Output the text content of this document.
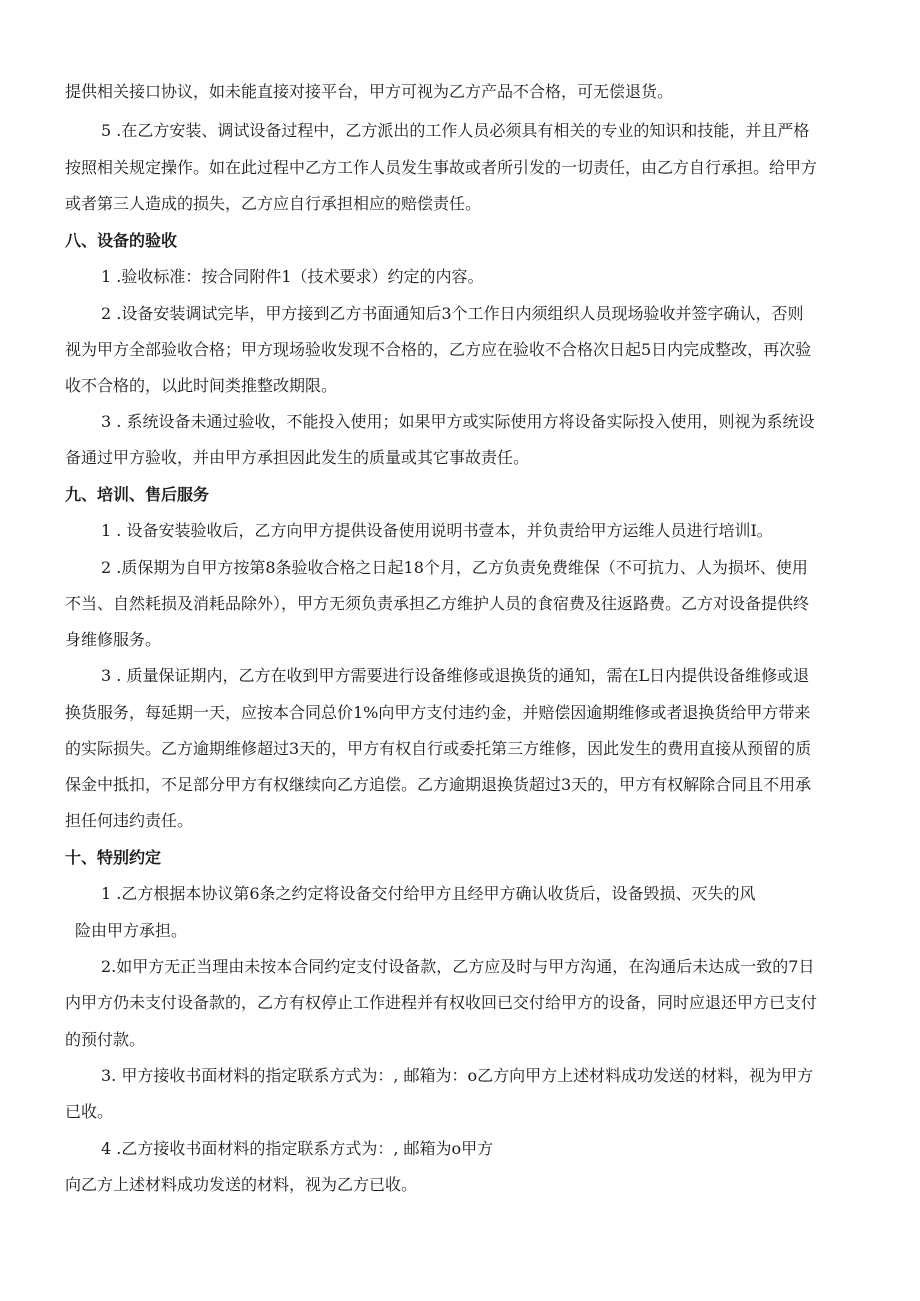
提供相关接口协议，如未能直接对接平台，甲方可视为乙方产品不合格，可无偿退货。
5 .在乙方安装、调试设备过程中，乙方派出的工作人员必须具有相关的专业的知识和技能，并且严格
按照相关规定操作。如在此过程中乙方工作人员发生事故或者所引发的一切责任，由乙方自行承担。给甲方
或者第三人造成的损失，乙方应自行承担相应的赔偿责任。
八、设备的验收
1 .验收标准：按合同附件1（技术要求）约定的内容。
2 .设备安装调试完毕，甲方接到乙方书面通知后3个工作日内须组织人员现场验收并签字确认，否则
视为甲方全部验收合格；甲方现场验收发现不合格的，乙方应在验收不合格次日起5日内完成整改，再次验
收不合格的，以此时间类推整改期限。
3 . 系统设备未通过验收，不能投入使用；如果甲方或实际使用方将设备实际投入使用，则视为系统设
备通过甲方验收，并由甲方承担因此发生的质量或其它事故责任。
九、培训、售后服务
1 . 设备安装验收后，乙方向甲方提供设备使用说明书壹本，并负责给甲方运维人员进行培训I。
2 .质保期为自甲方按第8条验收合格之日起18个月，乙方负责免费维保（不可抗力、人为损坏、使用
不当、自然耗损及消耗品除外），甲方无须负责承担乙方维护人员的食宿费及往返路费。乙方对设备提供终
身维修服务。
3 . 质量保证期内，乙方在收到甲方需要进行设备维修或退换货的通知，需在L日内提供设备维修或退
换货服务，每延期一天，应按本合同总价1%向甲方支付违约金，并赔偿因逾期维修或者退换货给甲方带来
的实际损失。乙方逾期维修超过3天的，甲方有权自行或委托第三方维修，因此发生的费用直接从预留的质
保金中抵扣，不足部分甲方有权继续向乙方追偿。乙方逾期退换货超过3天的，甲方有权解除合同且不用承
担任何违约责任。
十、特别约定
1 .乙方根据本协议第6条之约定将设备交付给甲方且经甲方确认收货后，设备毁损、灭失的风
险由甲方承担。
2.如甲方无正当理由未按本合同约定支付设备款，乙方应及时与甲方沟通，在沟通后未达成一致的7日
内甲方仍未支付设备款的，乙方有权停止工作进程并有权收回已交付给甲方的设备，同时应退还甲方已支付
的预付款。
3. 甲方接收书面材料的指定联系方式为：, 邮箱为：o乙方向甲方上述材料成功发送的材料，视为甲方
已收。
4 .乙方接收书面材料的指定联系方式为：, 邮箱为o甲方
向乙方上述材料成功发送的材料，视为乙方已收。
